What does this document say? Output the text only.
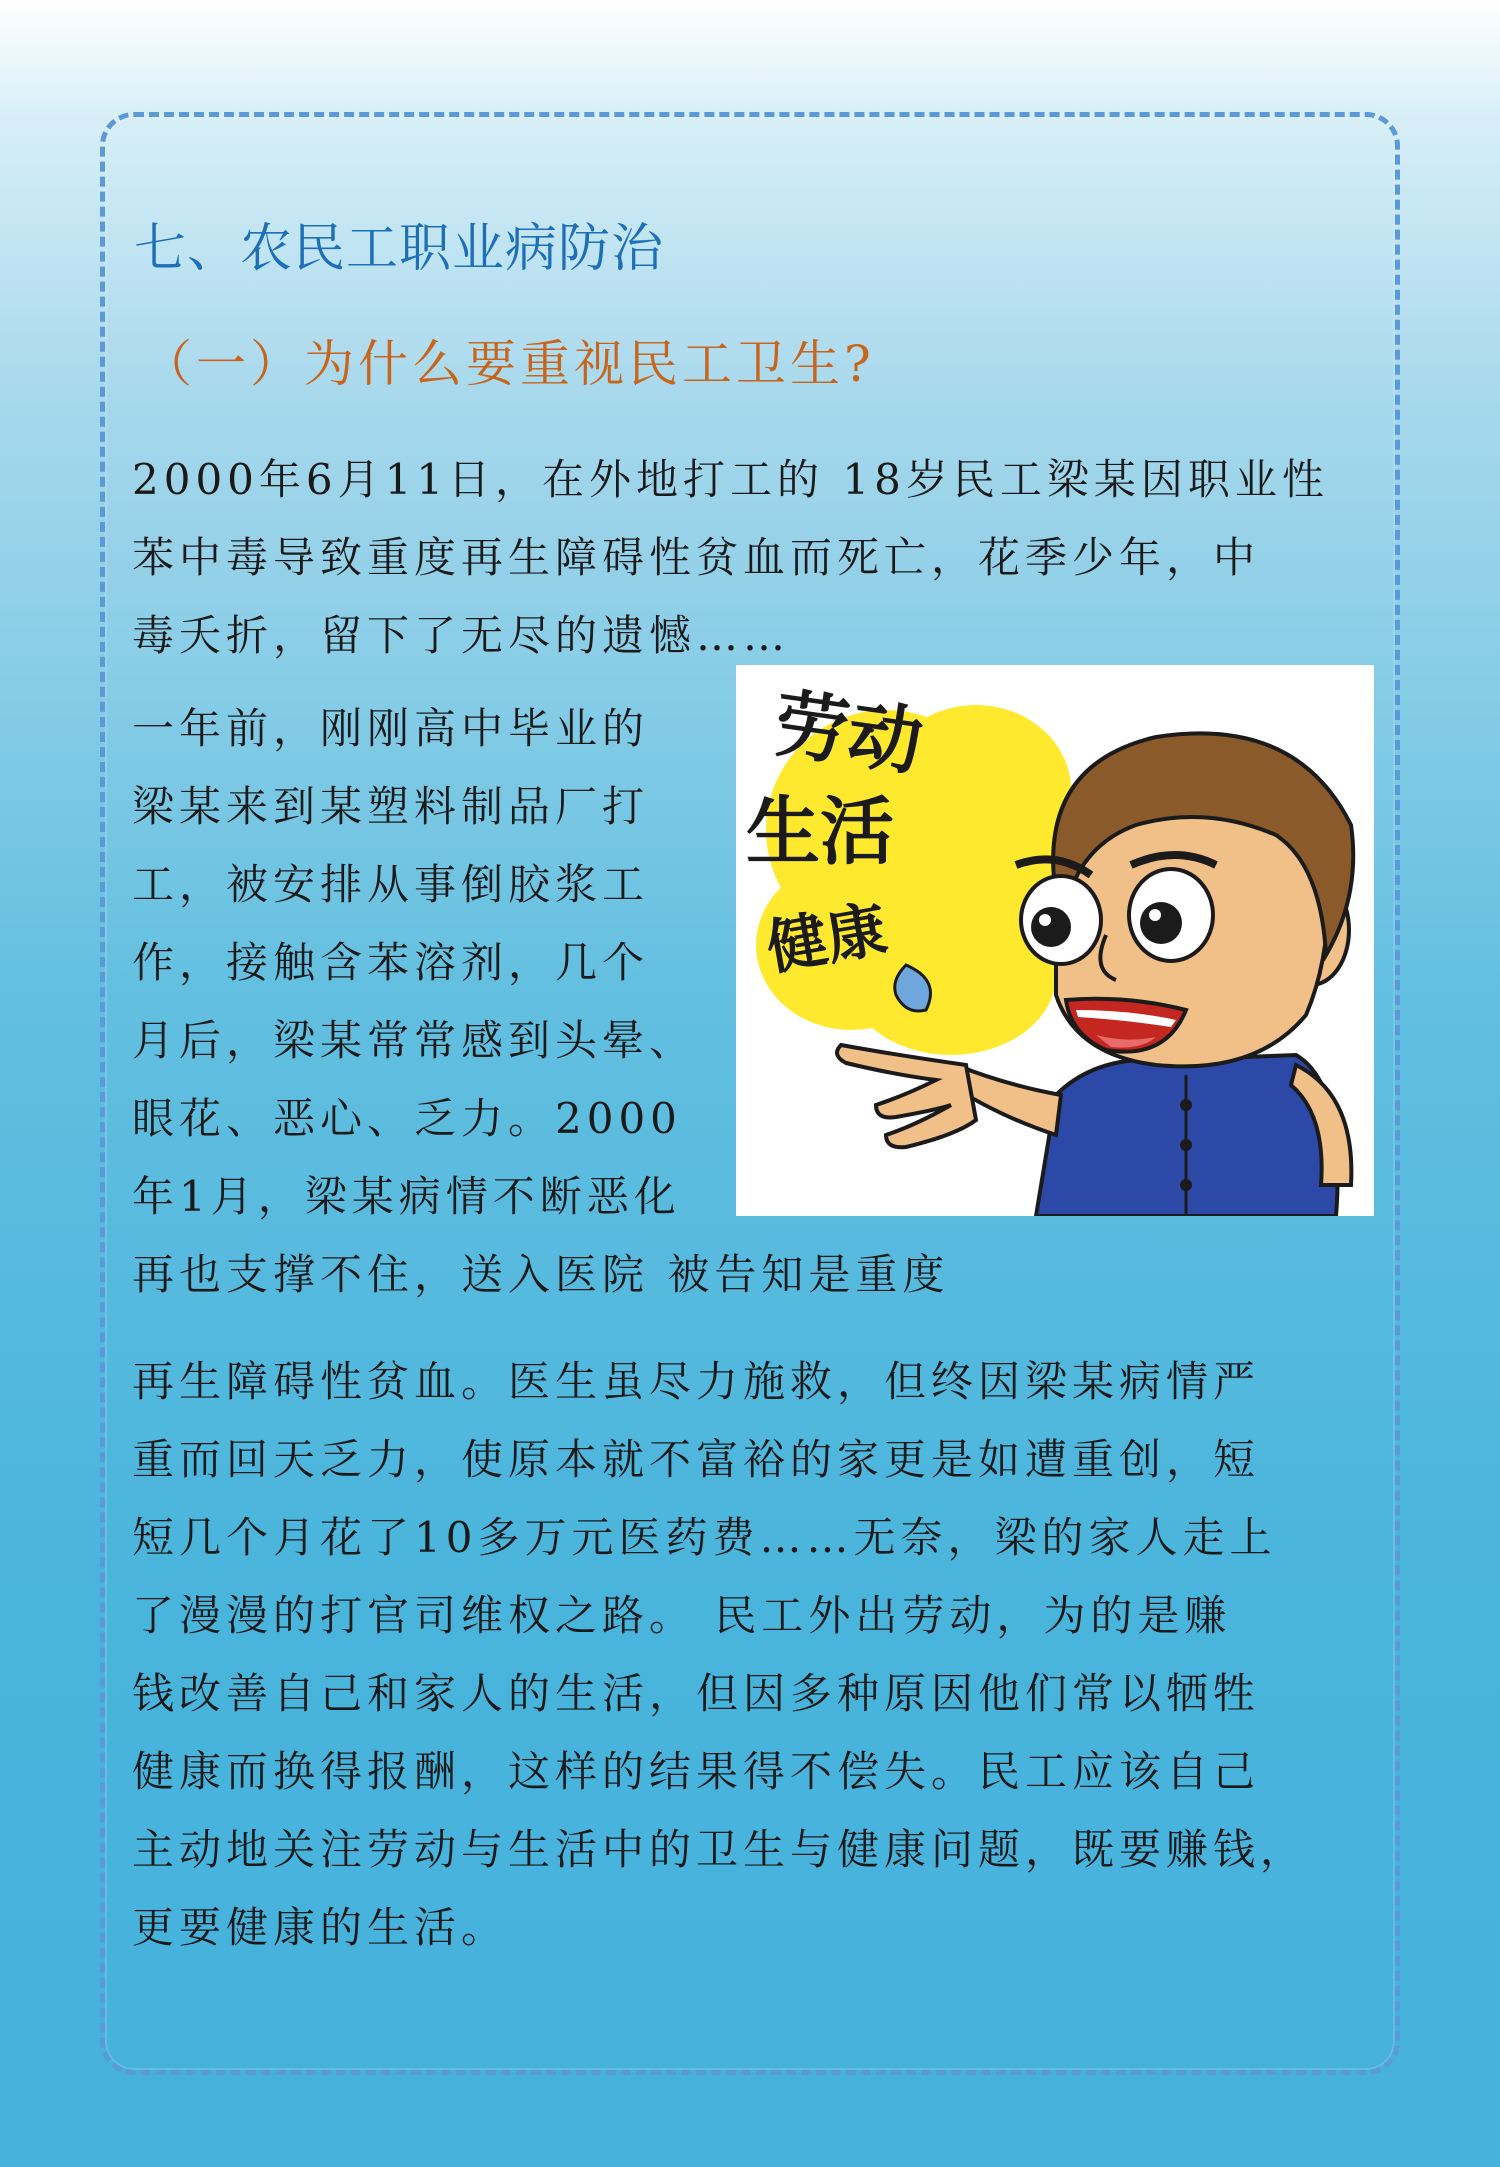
七、农民工职业病防治
（一）为什么要重视民工卫生?

2000年6月11日，在外地打工的 18岁民工梁某因职业性
苯中毒导致重度再生障碍性贫血而死亡，花季少年，中
毒夭折，留下了无尽的遗憾……

一年前，刚刚高中毕业的
梁某来到某塑料制品厂打
工，被安排从事倒胶浆工
作，接触含苯溶剂，几个
月后，梁某常常感到头晕、
眼花、恶心、乏力。2000
年1月，梁某病情不断恶化
再也支撑不住，送入医院 被告知是重度

劳动
生活
健康

再生障碍性贫血。医生虽尽力施救，但终因梁某病情严
重而回天乏力，使原本就不富裕的家更是如遭重创，短
短几个月花了10多万元医药费……无奈，梁的家人走上
了漫漫的打官司维权之路。 民工外出劳动，为的是赚
钱改善自己和家人的生活，但因多种原因他们常以牺牲
健康而换得报酬，这样的结果得不偿失。民工应该自己
主动地关注劳动与生活中的卫生与健康问题，既要赚钱，
更要健康的生活。
